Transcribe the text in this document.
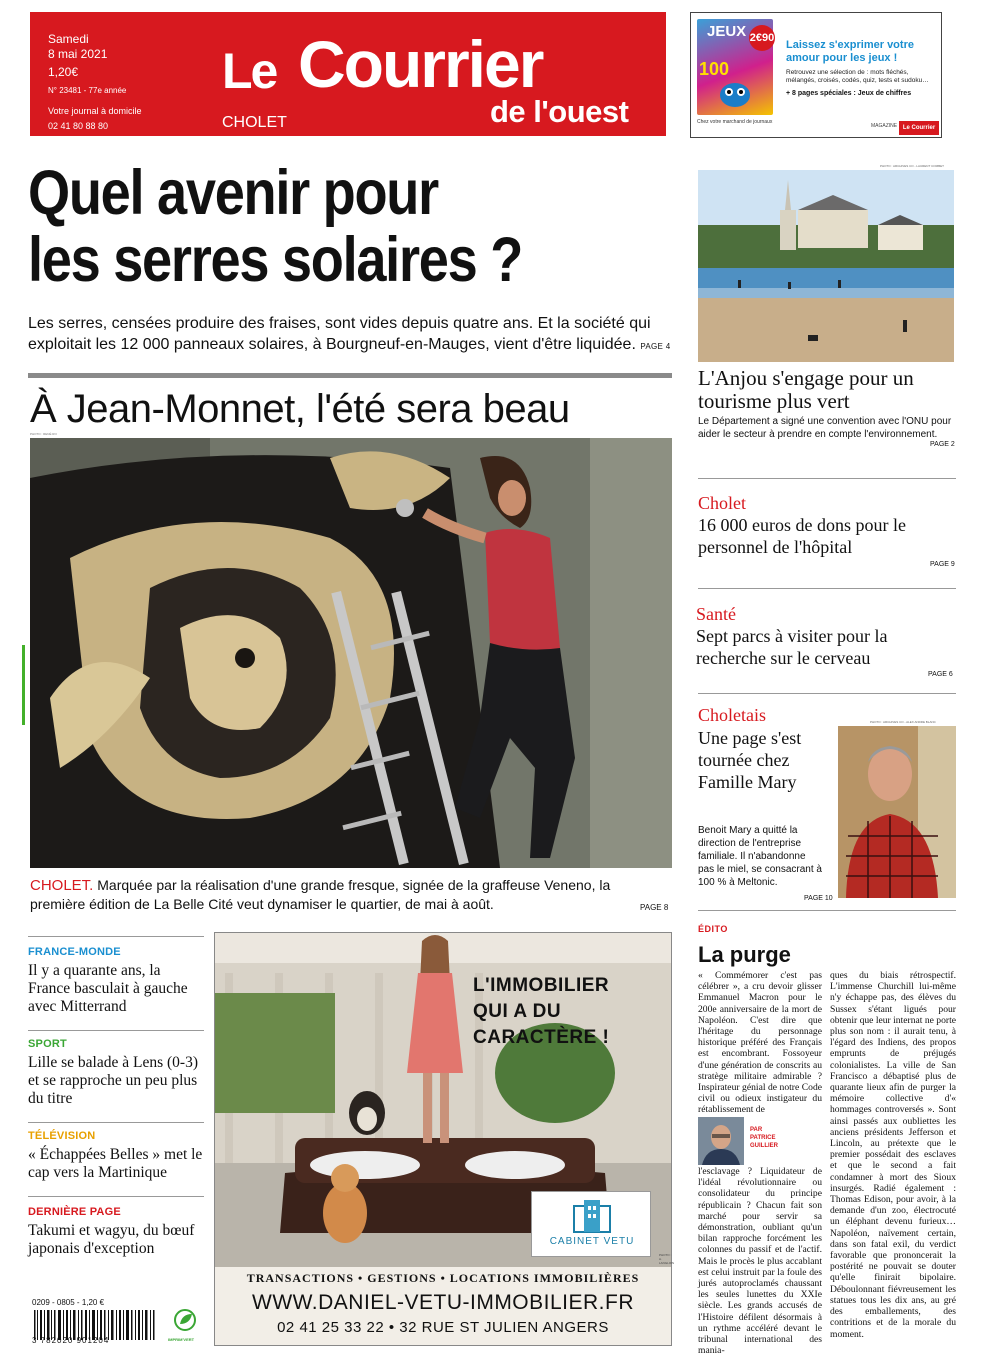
Samedi
8 mai 2021
1,20€
N° 23481 - 77e année
Votre journal à domicile
02 41 80 88 80
Le Courrier
de l'ouest
CHOLET
JEUX
100
2€90
Laissez s'exprimer votre amour pour les jeux !
Retrouvez une sélection de : mots fléchés, mélangés, croisés, codés, quiz, tests et sudoku…
+ 8 pages spéciales : Jeux de chiffres
Chez votre marchand de journaux
MAGAZINE Le Courrier
Quel avenir pour
les serres solaires ?

Les serres, censées produire des fraises, sont vides depuis quatre ans. Et la société qui exploitait les 12 000 panneaux solaires, à Bourgneuf-en-Mauges, vient d'être liquidée. PAGE 4

À Jean-Monnet, l'été sera beau
PHOTO : RENÉ RO

CHOLET. Marquée par la réalisation d'une grande fresque, signée de la graffeuse Veneno, la première édition de La Belle Cité veut dynamiser le quartier, de mai à août.	PAGE 8
PHOTO : ARCHIVES CO - LAURENT COMBET
L'Anjou s'engage pour un tourisme plus vert

Le Département a signé une convention avec l'ONU pour aider le secteur à prendre en compte l'environnement.

PAGE 2
Cholet
16 000 euros de dons pour le personnel de l'hôpital
PAGE 9
Santé
Sept parcs à visiter pour la recherche sur le cerveau
PAGE 6
Choletais	PHOTO : ARCHIVES CO - ALEX ANDRE BLANC
Une page s'est tournée chez Famille Mary

Benoit Mary a quitté la direction de l'entreprise familiale. Il n'abandonne pas le miel, se consacrant à 100 % à Meltonic.

PAGE 10
ÉDITO
La purge

« Commémorer c'est pas célébrer », a cru devoir glisser Emmanuel Macron pour le 200e anniversaire de la mort de Napoléon. C'est dire que l'héritage du personnage historique préféré des Français est encombrant. Fossoyeur d'une génération de conscrits au stratège militaire admirable ? Inspirateur génial de notre Code civil ou odieux instigateur du rétablissement de

PAR
PATRICE GUILLIER

l'esclavage ? Liquidateur de l'idéal révolutionnaire ou consolidateur du principe républicain ? Chacun fait son marché pour servir sa démonstration, oubliant qu'un bilan rapproche forcément les colonnes du passif et de l'actif. Mais le procès le plus accablant est celui instruit par la foule des jurés autoproclamés chaussant les seules lunettes du XXIe siècle. Les grands accusés de l'Histoire défilent désormais à un rythme accéléré devant le tribunal international des mania-

ques du biais rétrospectif. L'immense Churchill lui-même n'y échappe pas, des élèves du Sussex s'étant ligués pour obtenir que leur internat ne porte plus son nom : il aurait tenu, à l'égard des Indiens, des propos emprunts de préjugés colonialistes. La ville de San Francisco a débaptisé plus de quarante lieux afin de purger la mémoire collective d'« hommages controversés ». Sont ainsi passés aux oubliettes les anciens présidents Jefferson et Lincoln, au prétexte que le premier possédait des esclaves et que le second a fait condamner à mort des Sioux insurgés. Radié également : Thomas Edison, pour avoir, à la demande d'un zoo, électrocuté un éléphant devenu furieux… Napoléon, naïvement certain, dans son fatal exil, du verdict favorable que prononcerait la postérité ne pouvait se douter qu'elle finirait bipolaire. Déboulonnant fiévreusement les statues tous les dix ans, au gré des emballements, des contritions et de la morale du moment.

FRANCE-MONDE
Il y a quarante ans, la France basculait à gauche avec Mitterrand
SPORT
Lille se balade à Lens (0-3) et se rapproche un peu plus du titre
TÉLÉVISION
« Échappées Belles » met le cap vers la Martinique
DERNIÈRE PAGE
Takumi et wagyu, du bœuf japonais d'exception
L'IMMOBILIER
QUI A DU CARACTÈRE !
CABINET VETU
PHOTO : A. LANGLOIS
TRANSACTIONS • GESTIONS • LOCATIONS IMMOBILIÈRES
WWW.DANIEL-VETU-IMMOBILIER.FR
02 41 25 33 22 • 32 RUE ST JULIEN ANGERS
0209 - 0805 - 1,20 €
3 782020 901204	IMPRIM'VERT
